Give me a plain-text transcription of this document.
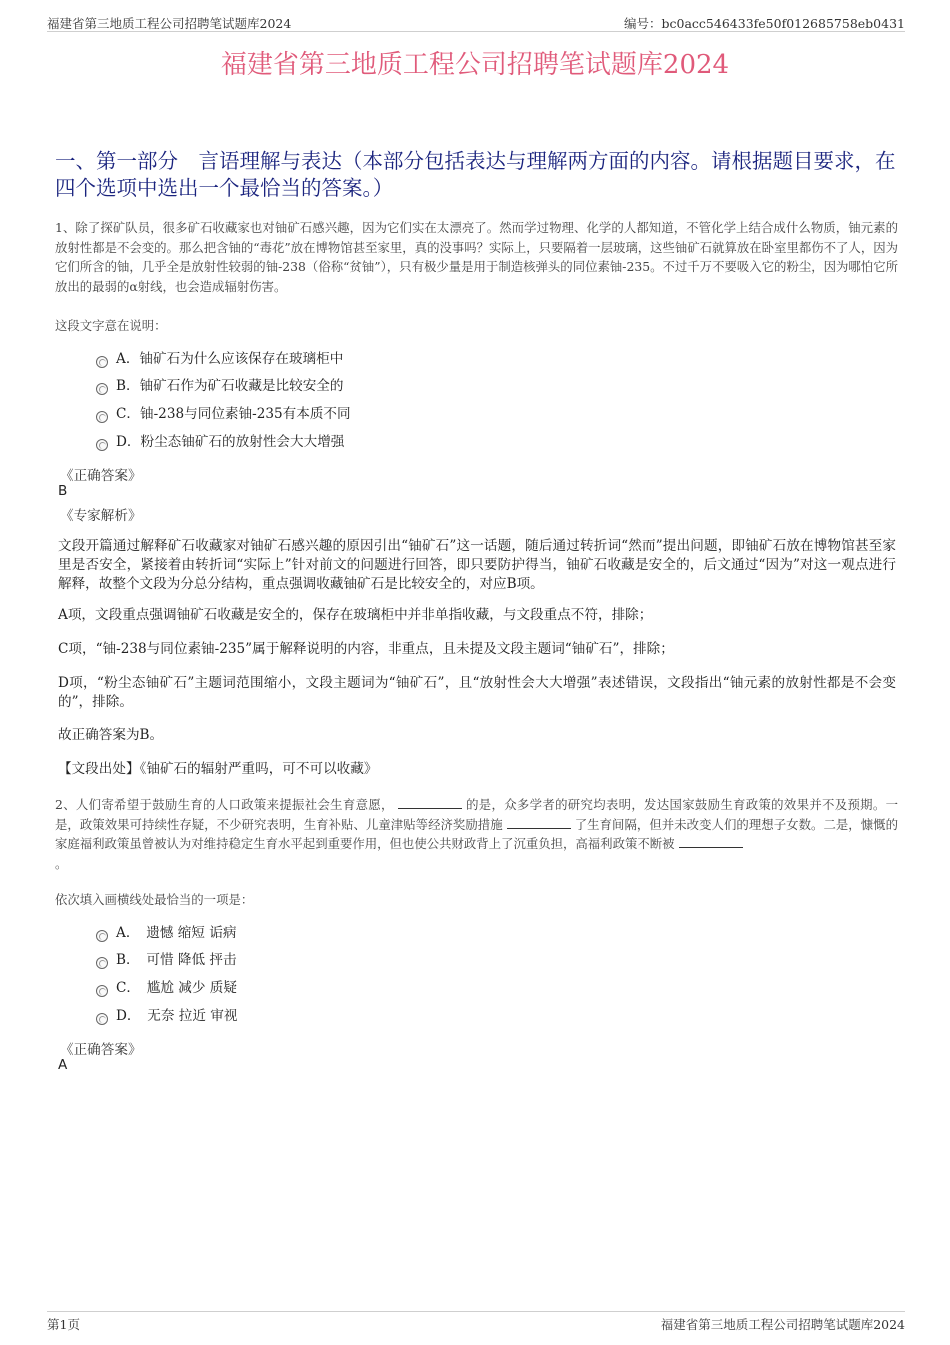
福建省第三地质工程公司招聘笔试题库2024	编号：bc0acc546433fe50f012685758eb0431
福建省第三地质工程公司招聘笔试题库2024
一、第一部分　言语理解与表达（本部分包括表达与理解两方面的内容。请根据题目要求，在四个选项中选出一个最恰当的答案。）
1、除了探矿队员，很多矿石收藏家也对铀矿石感兴趣，因为它们实在太漂亮了。然而学过物理、化学的人都知道，不管化学上结合成什么物质，铀元素的放射性都是不会变的。那么把含铀的“毒花”放在博物馆甚至家里，真的没事吗？实际上，只要隔着一层玻璃，这些铀矿石就算放在卧室里都伤不了人，因为它们所含的铀，几乎全是放射性较弱的铀-238（俗称“贫铀”），只有极少量是用于制造核弹头的同位素铀-235。不过千万不要吸入它的粉尘，因为哪怕它所放出的最弱的α射线，也会造成辐射伤害。
这段文字意在说明：
A．铀矿石为什么应该保存在玻璃柜中
B．铀矿石作为矿石收藏是比较安全的
C．铀-238与同位素铀-235有本质不同
D．粉尘态铀矿石的放射性会大大增强
《正确答案》
B
《专家解析》
文段开篇通过解释矿石收藏家对铀矿石感兴趣的原因引出“铀矿石”这一话题，随后通过转折词“然而”提出问题，即铀矿石放在博物馆甚至家里是否安全，紧接着由转折词“实际上”针对前文的问题进行回答，即只要防护得当，铀矿石收藏是安全的，后文通过“因为”对这一观点进行解释，故整个文段为分总分结构，重点强调收藏铀矿石是比较安全的，对应B项。
A项，文段重点强调铀矿石收藏是安全的，保存在玻璃柜中并非单指收藏，与文段重点不符，排除；
C项，“铀-238与同位素铀-235”属于解释说明的内容，非重点，且未提及文段主题词“铀矿石”，排除；
D项，“粉尘态铀矿石”主题词范围缩小，文段主题词为“铀矿石”，且“放射性会大大增强”表述错误，文段指出“铀元素的放射性都是不会变的”，排除。
故正确答案为B。
【文段出处】《铀矿石的辐射严重吗，可不可以收藏》
2、人们寄希望于鼓励生育的人口政策来提振社会生育意愿，	的是，众多学者的研究均表明，发达国家鼓励生育政策的效果并不及预期。一是，政策效果可持续性存疑，不少研究表明，生育补贴、儿童津贴等经济奖励措施	了生育间隔，但并未改变人们的理想子女数。二是，慷慨的家庭福利政策虽曾被认为对维持稳定生育水平起到重要作用，但也使公共财政背上了沉重负担，高福利政策不断被
。
依次填入画横线处最恰当的一项是：
A．　遗憾 缩短 诟病
B．　可惜 降低 抨击
C．　尴尬 减少 质疑
D．　无奈 拉近 审视
《正确答案》
A
第1页	福建省第三地质工程公司招聘笔试题库2024
